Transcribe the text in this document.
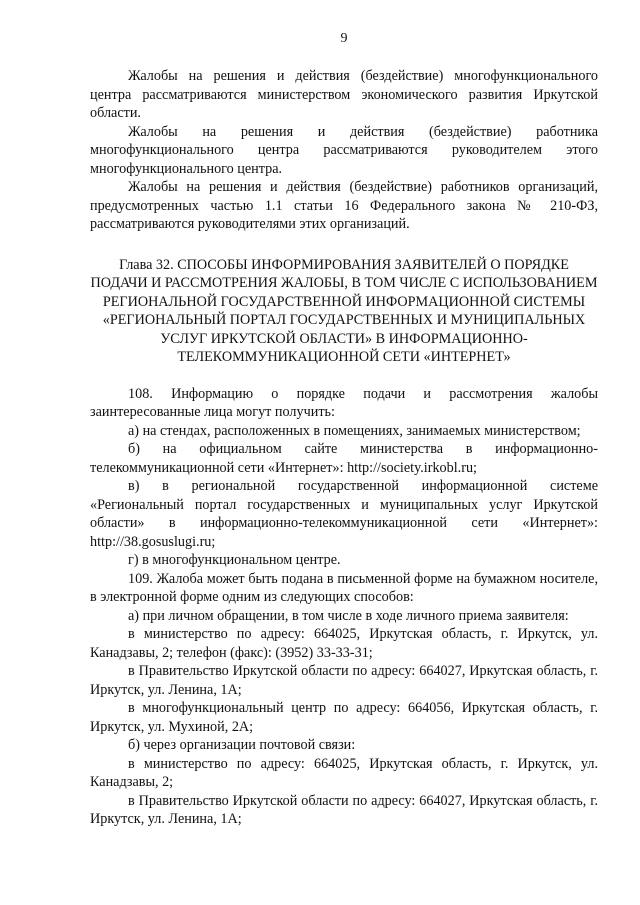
9

Жалобы на решения и действия (бездействие) многофункционального центра рассматриваются министерством экономического развития Иркутской области.

Жалобы на решения и действия (бездействие) работника многофункционального центра рассматриваются руководителем этого многофункционального центра.

Жалобы на решения и действия (бездействие) работников организаций, предусмотренных частью 1.1 статьи 16 Федерального закона № 210-ФЗ, рассматриваются руководителями этих организаций.

Глава 32. СПОСОБЫ ИНФОРМИРОВАНИЯ ЗАЯВИТЕЛЕЙ О ПОРЯДКЕ ПОДАЧИ И РАССМОТРЕНИЯ ЖАЛОБЫ, В ТОМ ЧИСЛЕ С ИСПОЛЬЗОВАНИЕМ РЕГИОНАЛЬНОЙ ГОСУДАРСТВЕННОЙ ИНФОРМАЦИОННОЙ СИСТЕМЫ «РЕГИОНАЛЬНЫЙ ПОРТАЛ ГОСУДАРСТВЕННЫХ И МУНИЦИПАЛЬНЫХ УСЛУГ ИРКУТСКОЙ ОБЛАСТИ» В ИНФОРМАЦИОННО-ТЕЛЕКОММУНИКАЦИОННОЙ СЕТИ «ИНТЕРНЕТ»

108. Информацию о порядке подачи и рассмотрения жалобы заинтересованные лица могут получить:

а) на стендах, расположенных в помещениях, занимаемых министерством;

б) на официальном сайте министерства в информационно-телекоммуникационной сети «Интернет»: http://society.irkobl.ru;

в) в региональной государственной информационной системе «Региональный портал государственных и муниципальных услуг Иркутской области» в информационно-телекоммуникационной сети «Интернет»: http://38.gosuslugi.ru;

г) в многофункциональном центре.

109. Жалоба может быть подана в письменной форме на бумажном носителе, в электронной форме одним из следующих способов:

а) при личном обращении, в том числе в ходе личного приема заявителя:

в министерство по адресу: 664025, Иркутская область, г. Иркутск, ул. Канадзавы, 2; телефон (факс): (3952) 33-33-31;

в Правительство Иркутской области по адресу: 664027, Иркутская область, г. Иркутск, ул. Ленина, 1А;

в многофункциональный центр по адресу: 664056, Иркутская область, г. Иркутск, ул. Мухиной, 2А;

б) через организации почтовой связи:

в министерство по адресу: 664025, Иркутская область, г. Иркутск, ул. Канадзавы, 2;

в Правительство Иркутской области по адресу: 664027, Иркутская область, г. Иркутск, ул. Ленина, 1А;
